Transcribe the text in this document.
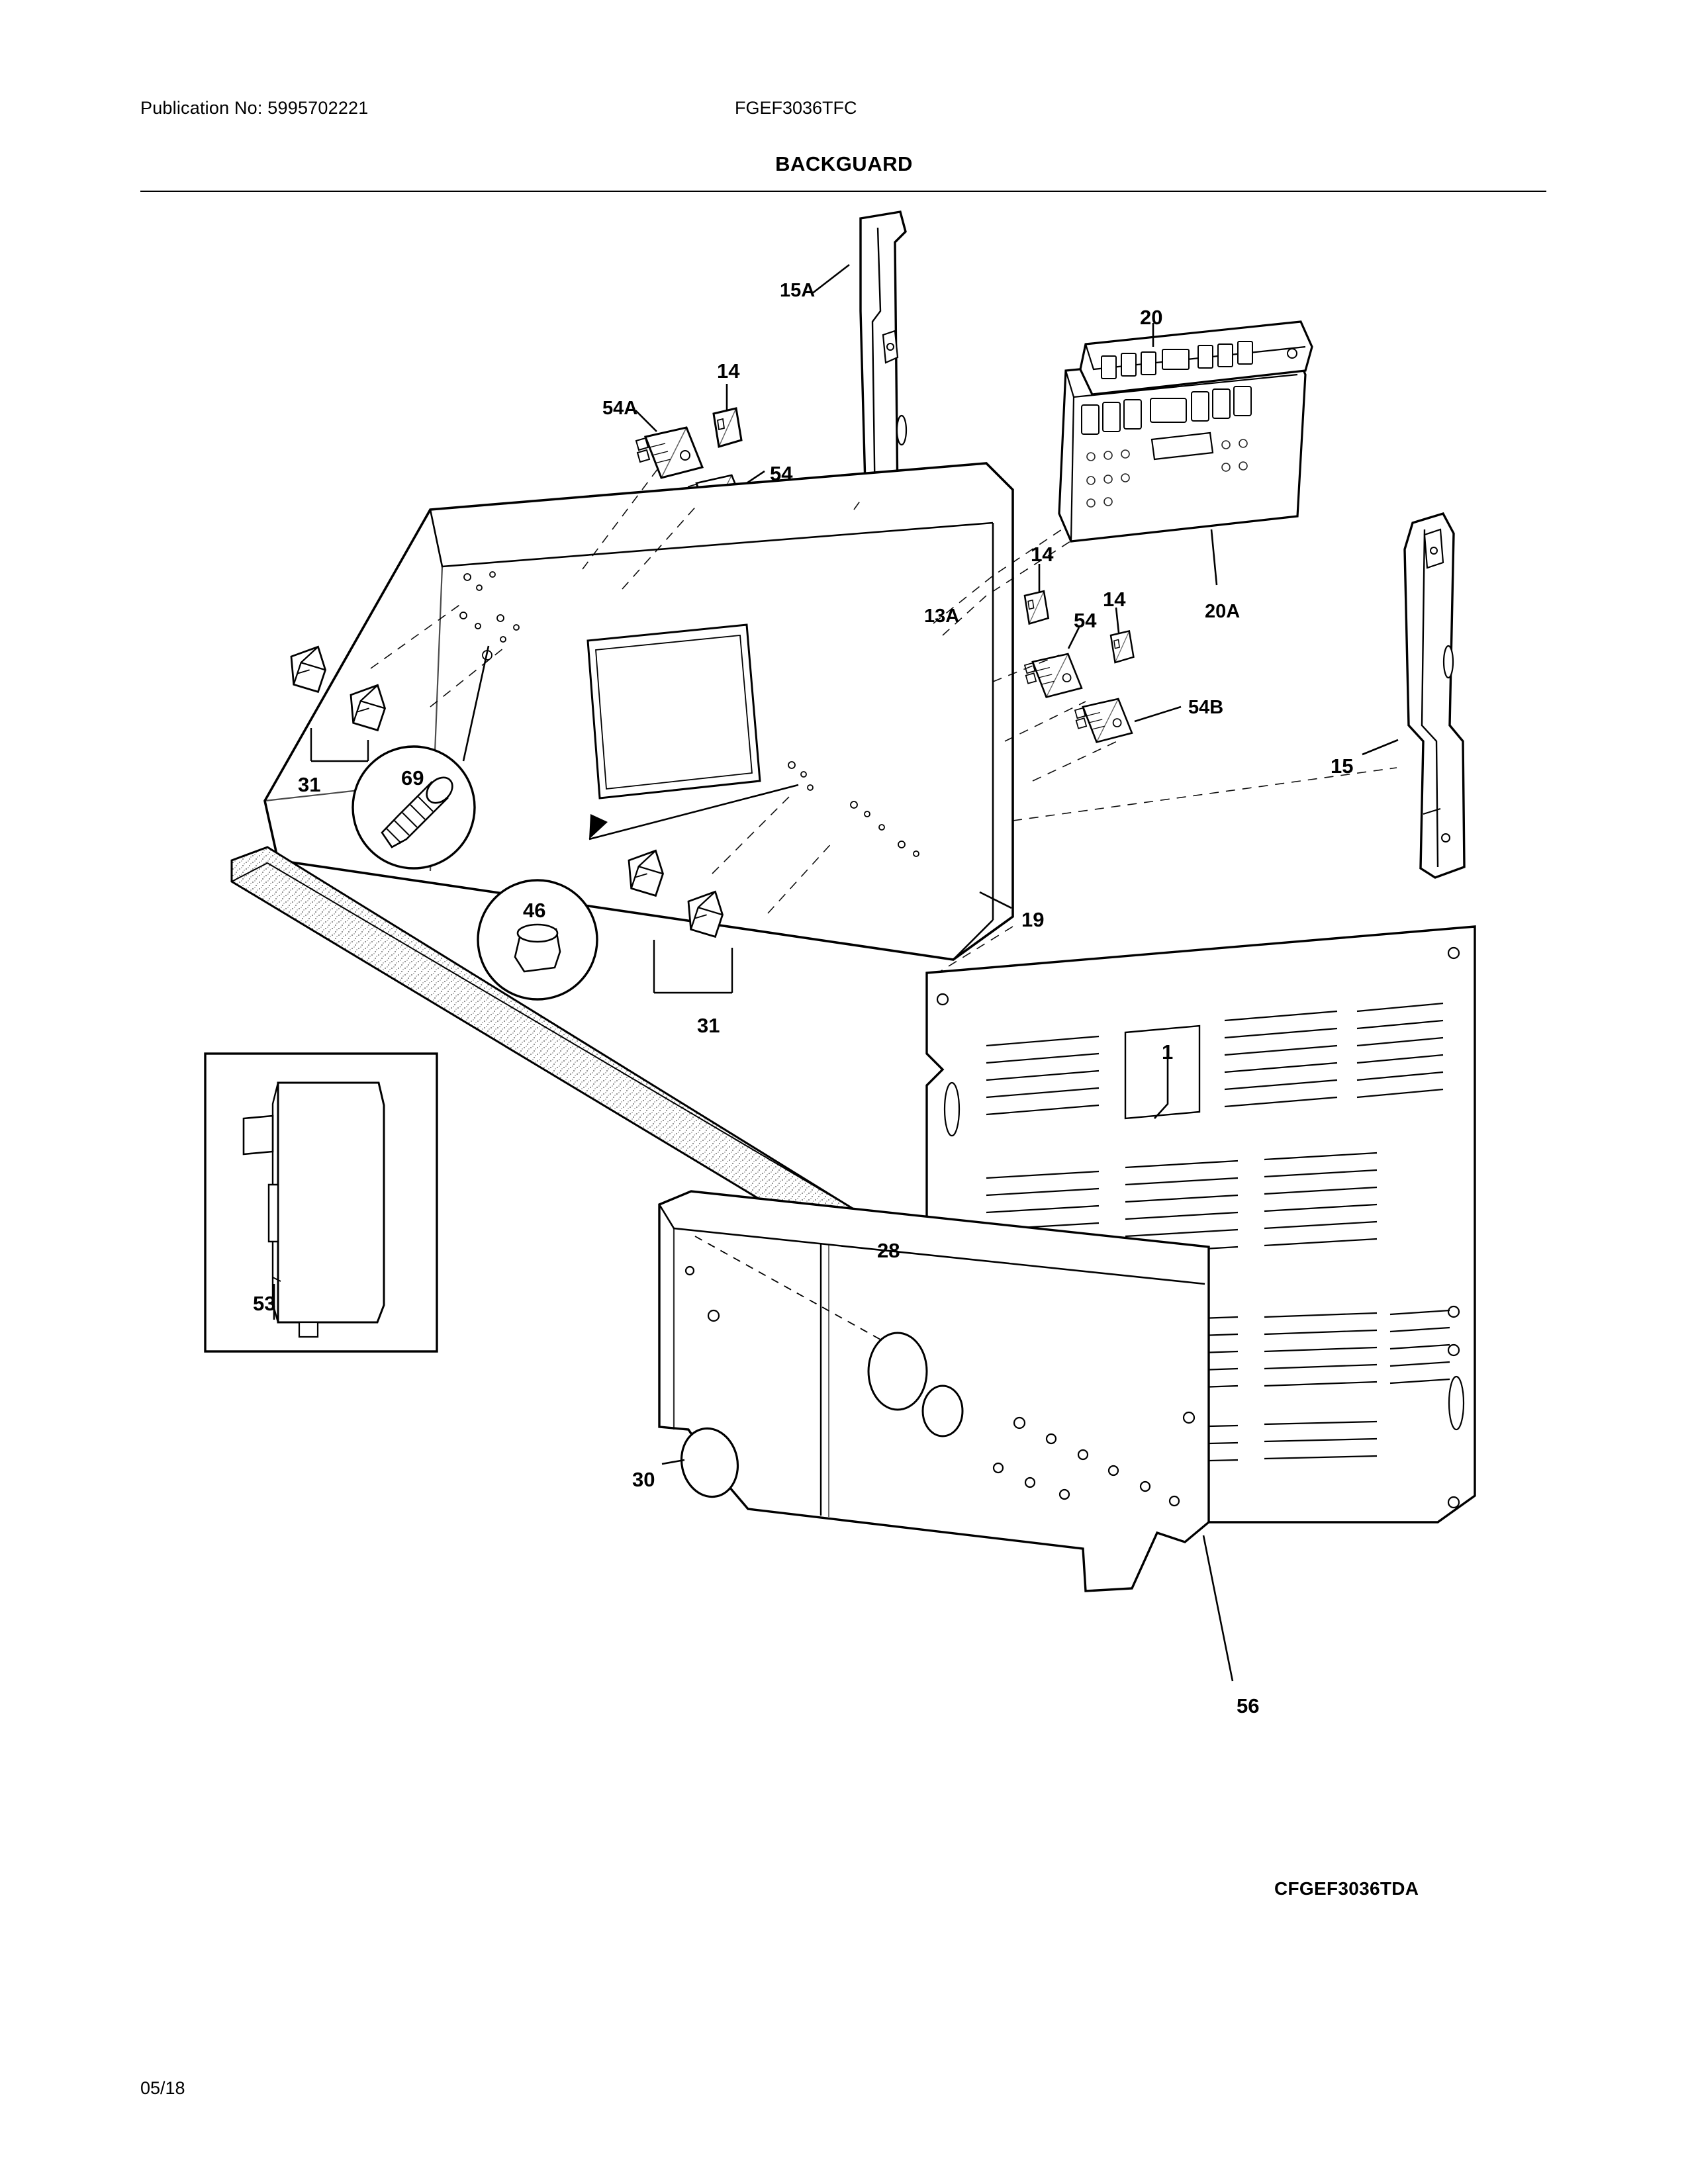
Publication No: 5995702221	FGEF3036TFC
BACKGUARD
15A
14
54A
54
20
14
13A	54
14
20A
54B
15
31	69
46	19
31
1
28
53
30
56
CFGEF3036TDA
05/18
